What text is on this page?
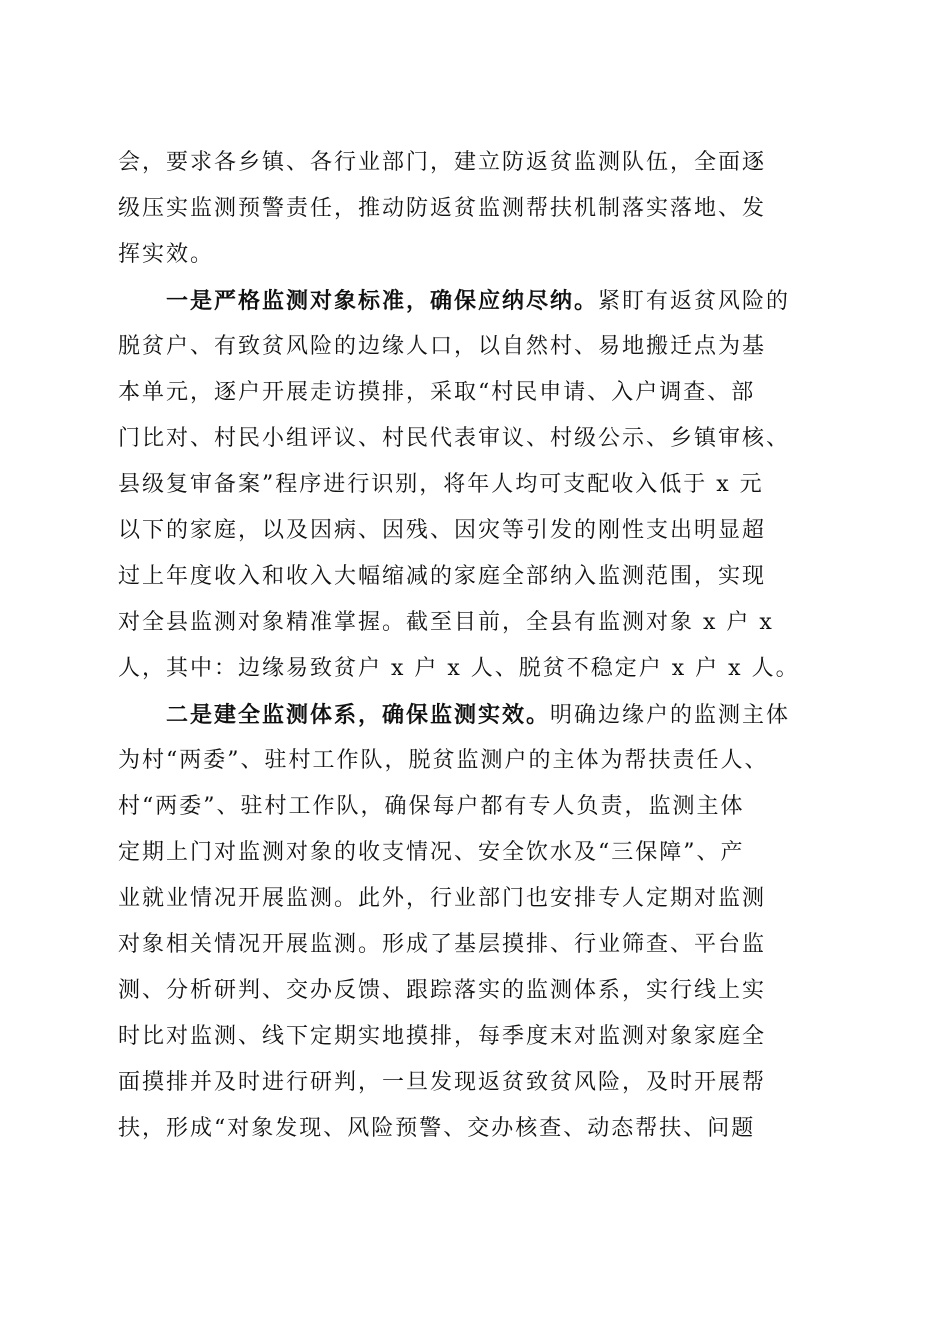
会，要求各乡镇、各行业部门，建立防返贫监测队伍，全面逐
级压实监测预警责任，推动防返贫监测帮扶机制落实落地、发
挥实效。
　　一是严格监测对象标准，确保应纳尽纳。紧盯有返贫风险的
脱贫户、有致贫风险的边缘人口，以自然村、易地搬迁点为基
本单元，逐户开展走访摸排，采取“村民申请、入户调查、部
门比对、村民小组评议、村民代表审议、村级公示、乡镇审核、
县级复审备案”程序进行识别，将年人均可支配收入低于 x 元
以下的家庭，以及因病、因残、因灾等引发的刚性支出明显超
过上年度收入和收入大幅缩减的家庭全部纳入监测范围，实现
对全县监测对象精准掌握。截至目前，全县有监测对象 x 户 x
人，其中：边缘易致贫户 x 户 x 人、脱贫不稳定户 x 户 x 人。
　　二是建全监测体系，确保监测实效。明确边缘户的监测主体
为村“两委”、驻村工作队，脱贫监测户的主体为帮扶责任人、
村“两委”、驻村工作队，确保每户都有专人负责，监测主体
定期上门对监测对象的收支情况、安全饮水及“三保障”、产
业就业情况开展监测。此外，行业部门也安排专人定期对监测
对象相关情况开展监测。形成了基层摸排、行业筛查、平台监
测、分析研判、交办反馈、跟踪落实的监测体系，实行线上实
时比对监测、线下定期实地摸排，每季度末对监测对象家庭全
面摸排并及时进行研判，一旦发现返贫致贫风险，及时开展帮
扶，形成“对象发现、风险预警、交办核查、动态帮扶、问题
